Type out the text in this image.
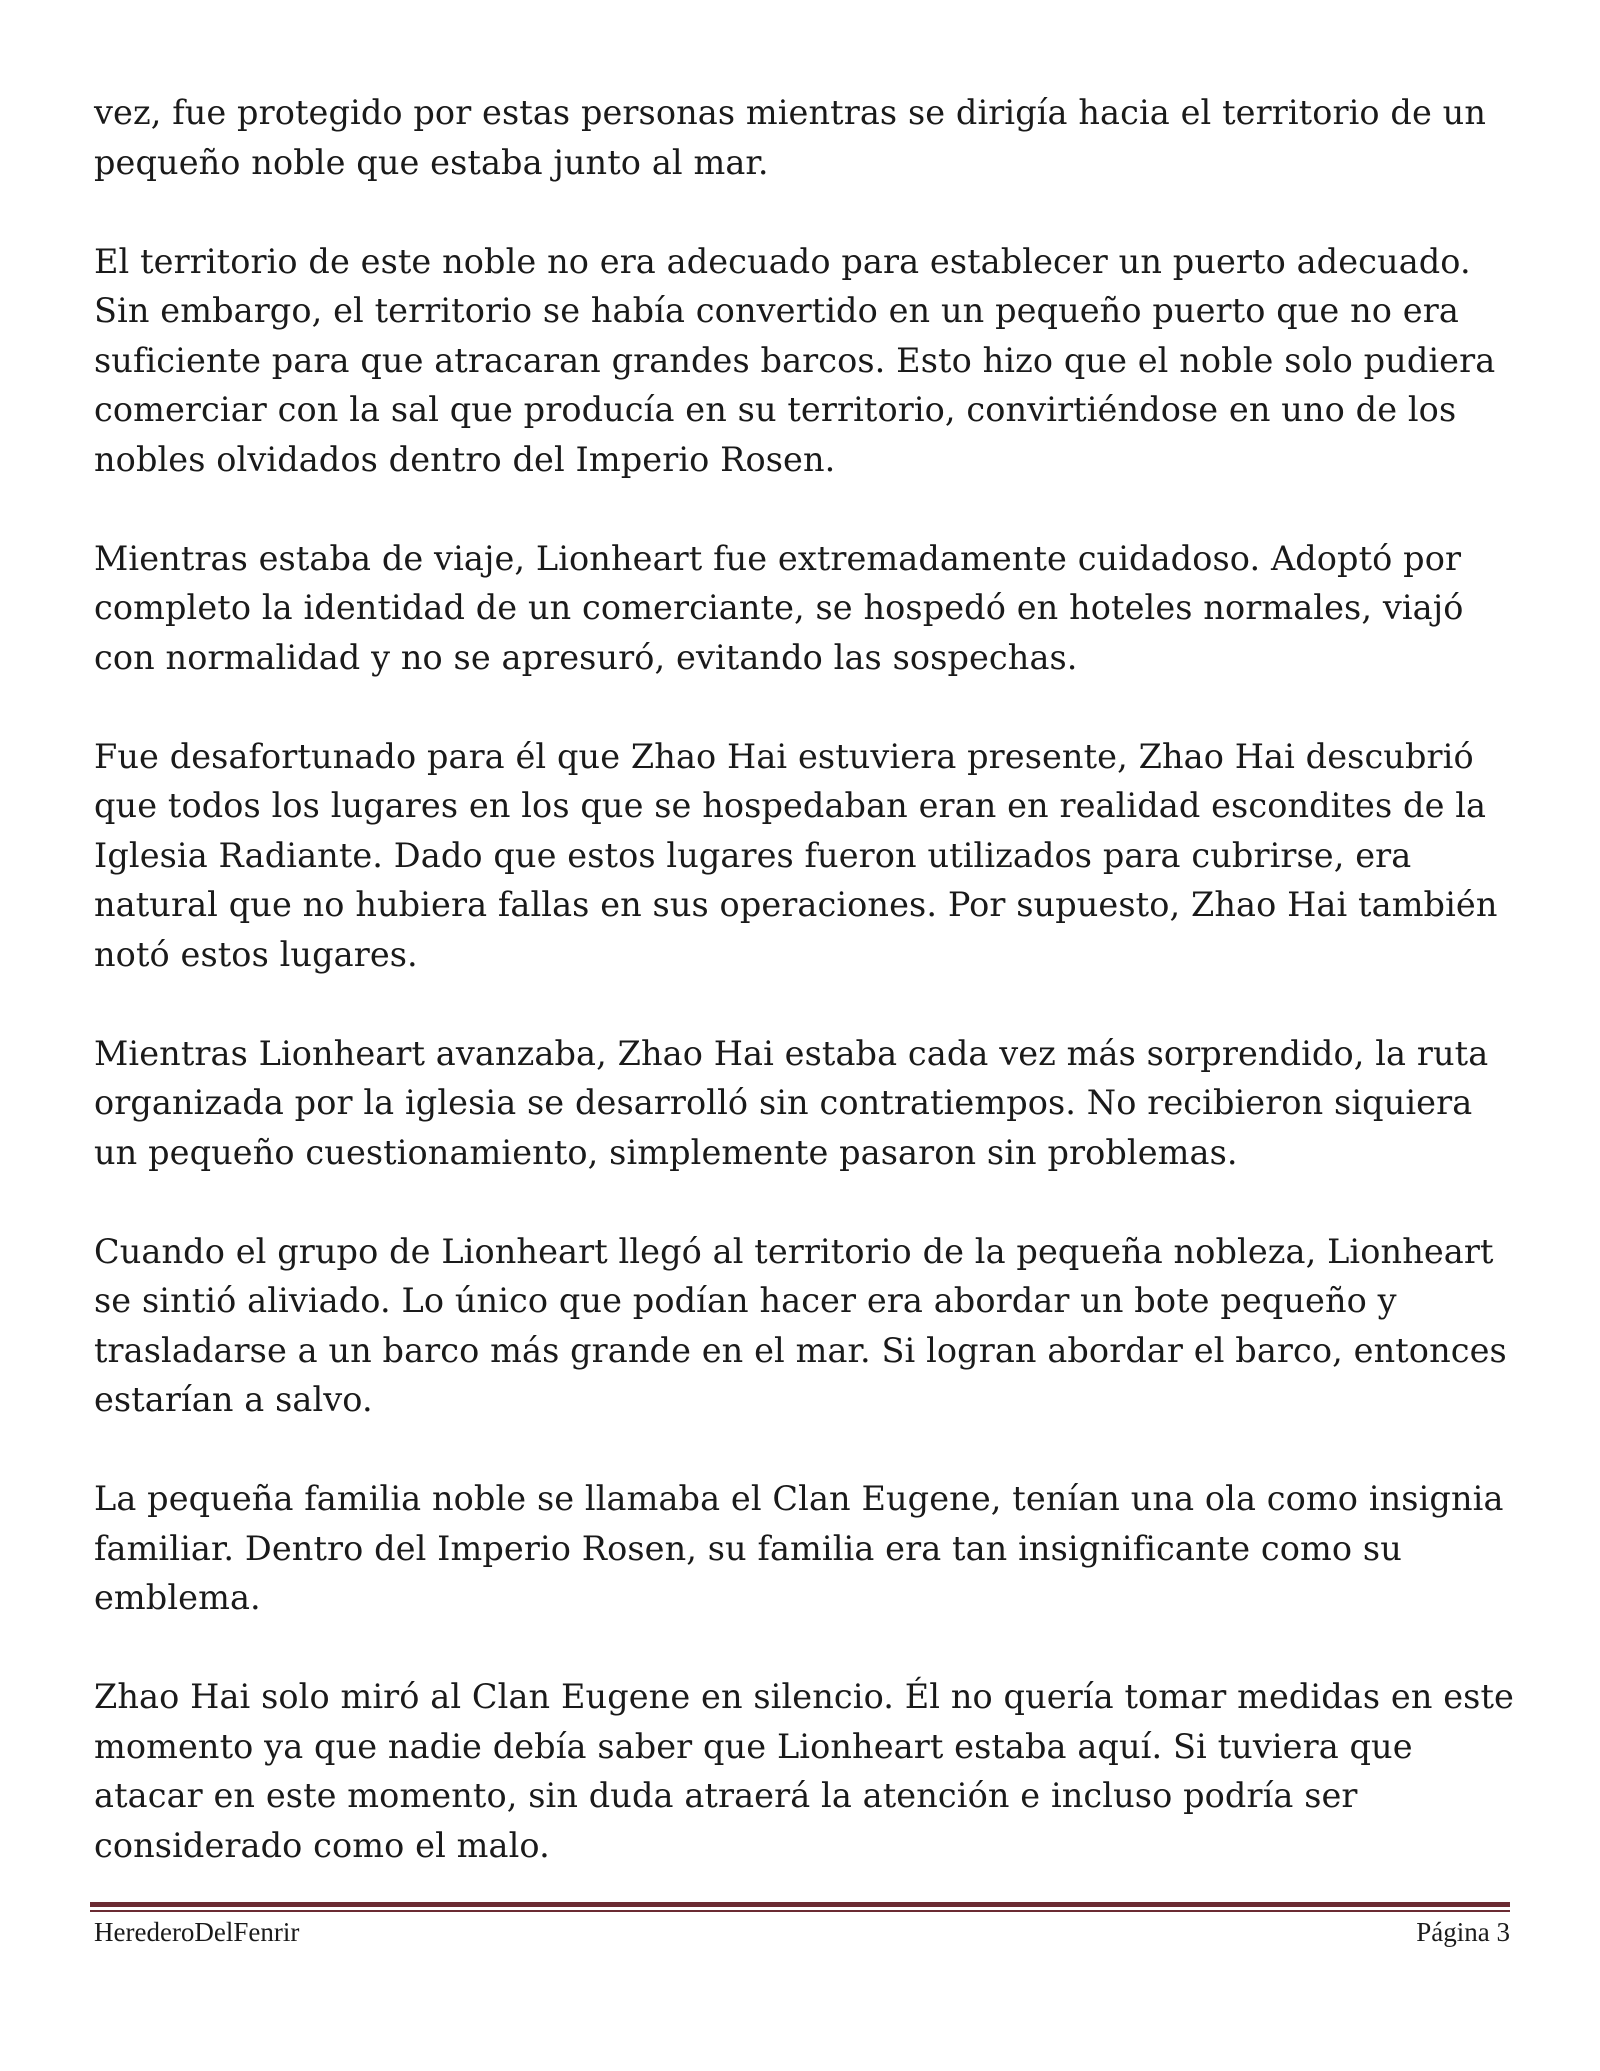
vez, fue protegido por estas personas mientras se dirigía hacia el territorio de un pequeño noble que estaba junto al mar.

El territorio de este noble no era adecuado para establecer un puerto adecuado. Sin embargo, el territorio se había convertido en un pequeño puerto que no era suficiente para que atracaran grandes barcos. Esto hizo que el noble solo pudiera comerciar con la sal que producía en su territorio, convirtiéndose en uno de los nobles olvidados dentro del Imperio Rosen.

Mientras estaba de viaje, Lionheart fue extremadamente cuidadoso. Adoptó por completo la identidad de un comerciante, se hospedó en hoteles normales, viajó con normalidad y no se apresuró, evitando las sospechas.

Fue desafortunado para él que Zhao Hai estuviera presente, Zhao Hai descubrió que todos los lugares en los que se hospedaban eran en realidad escondites de la Iglesia Radiante. Dado que estos lugares fueron utilizados para cubrirse, era natural que no hubiera fallas en sus operaciones. Por supuesto, Zhao Hai también notó estos lugares.

Mientras Lionheart avanzaba, Zhao Hai estaba cada vez más sorprendido, la ruta organizada por la iglesia se desarrolló sin contratiempos. No recibieron siquiera un pequeño cuestionamiento, simplemente pasaron sin problemas.

Cuando el grupo de Lionheart llegó al territorio de la pequeña nobleza, Lionheart se sintió aliviado. Lo único que podían hacer era abordar un bote pequeño y trasladarse a un barco más grande en el mar. Si logran abordar el barco, entonces estarían a salvo.

La pequeña familia noble se llamaba el Clan Eugene, tenían una ola como insignia familiar. Dentro del Imperio Rosen, su familia era tan insignificante como su emblema.

Zhao Hai solo miró al Clan Eugene en silencio. Él no quería tomar medidas en este momento ya que nadie debía saber que Lionheart estaba aquí. Si tuviera que atacar en este momento, sin duda atraerá la atención e incluso podría ser considerado como el malo.

HerederoDelFenrir	Página 3
